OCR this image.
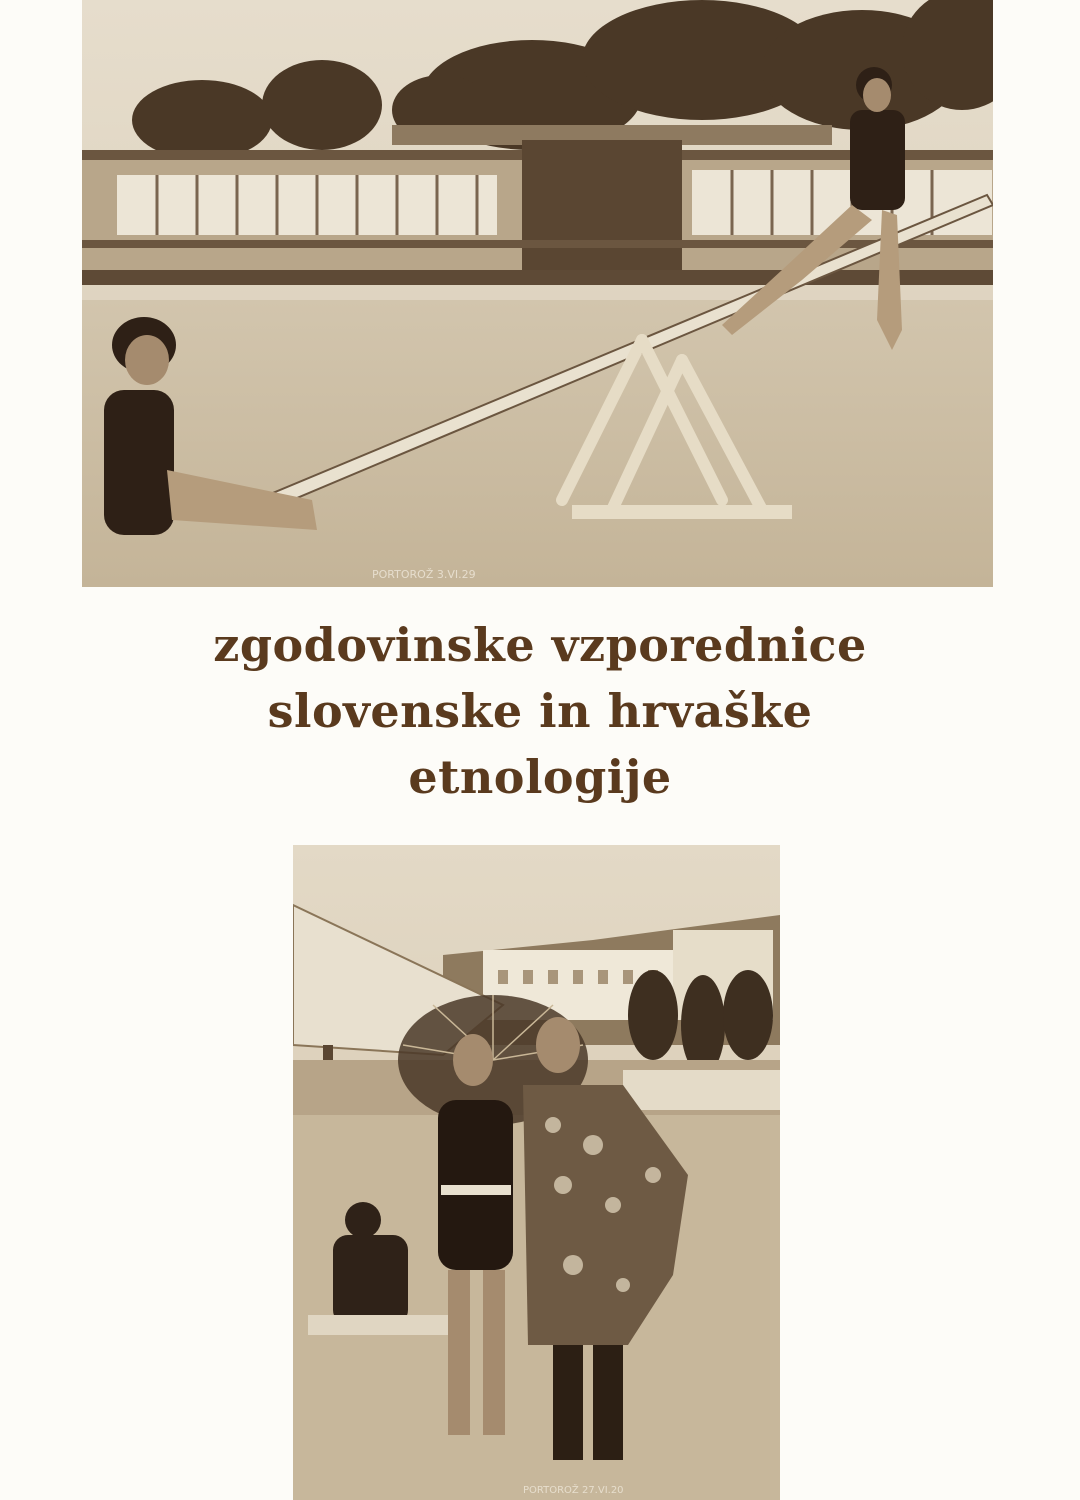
PORTOROŽ 3.VI.29
zgodovinske vzporednice
slovenske in hrvaške
etnologije
PORTOROŽ 27.VI.20
